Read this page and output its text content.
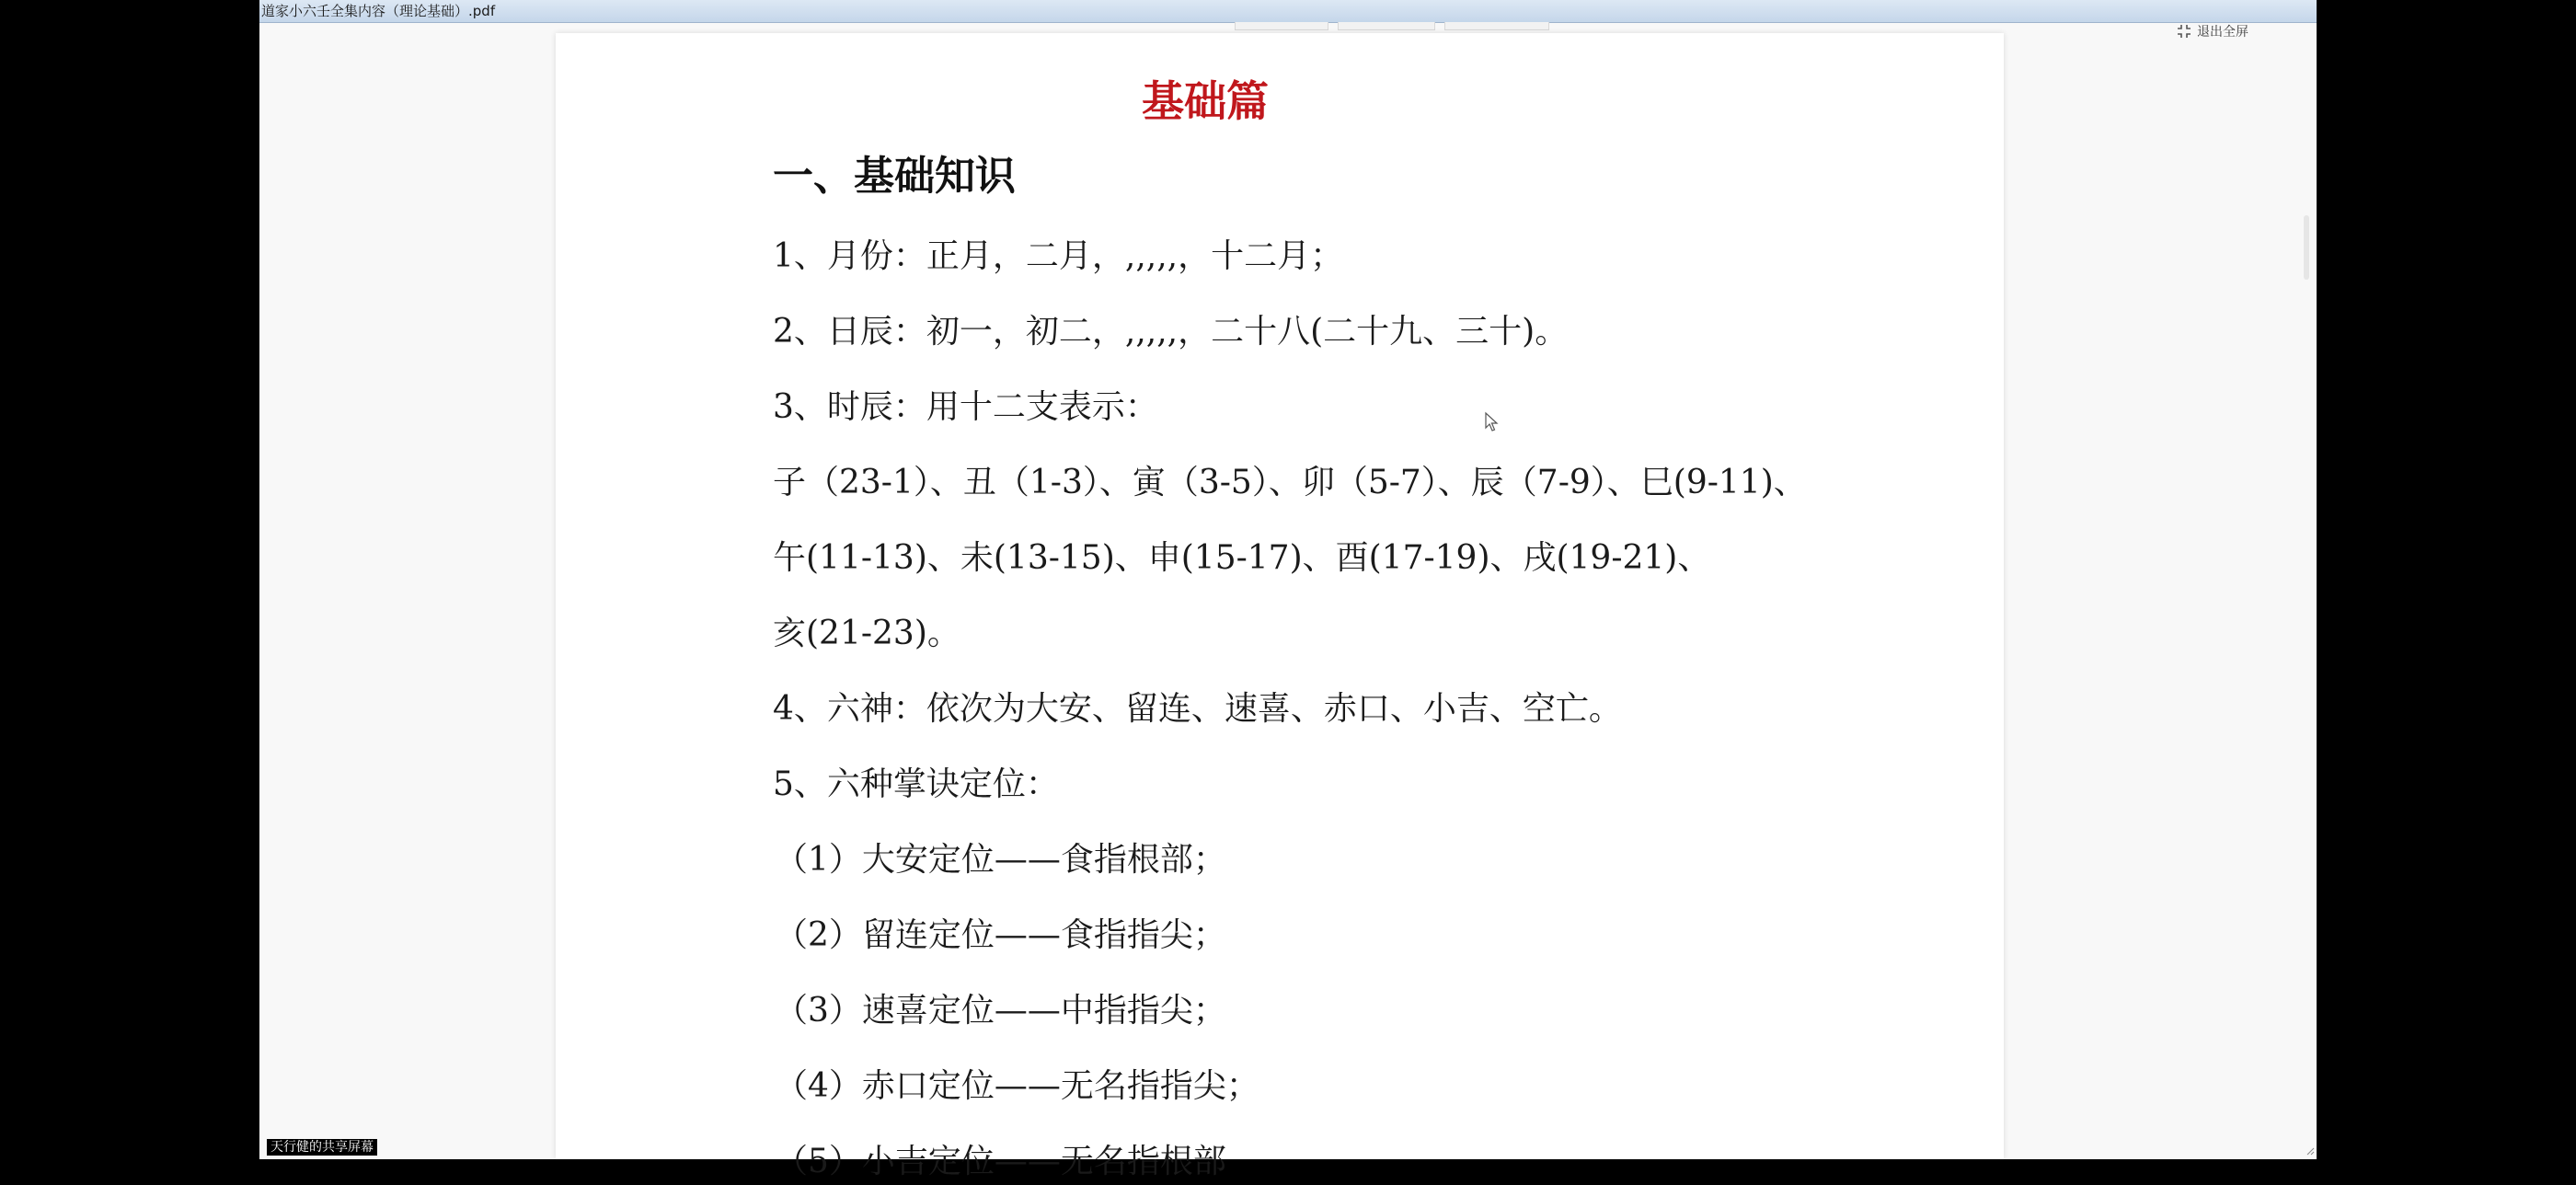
道家小六壬全集内容（理论基础）.pdf
退出全屏
基础篇
一、基础知识
1、月份：正月，二月，,,,,,，十二月；
2、日辰：初一，初二，,,,,,，二十八(二十九、三十)。
3、时辰：用十二支表示：
子（23-1）、丑（1-3）、寅（3-5）、卯（5-7）、辰（7-9）、巳(9-11)、
午(11-13)、未(13-15)、申(15-17)、酉(17-19)、戌(19-21)、
亥(21-23)。
4、六神：依次为大安、留连、速喜、赤口、小吉、空亡。
5、六种掌诀定位：
（1）大安定位——食指根部；
（2）留连定位——食指指尖；
（3）速喜定位——中指指尖；
（4）赤口定位——无名指指尖；
（5）小吉定位——无名指根部
天行健的共享屏幕
